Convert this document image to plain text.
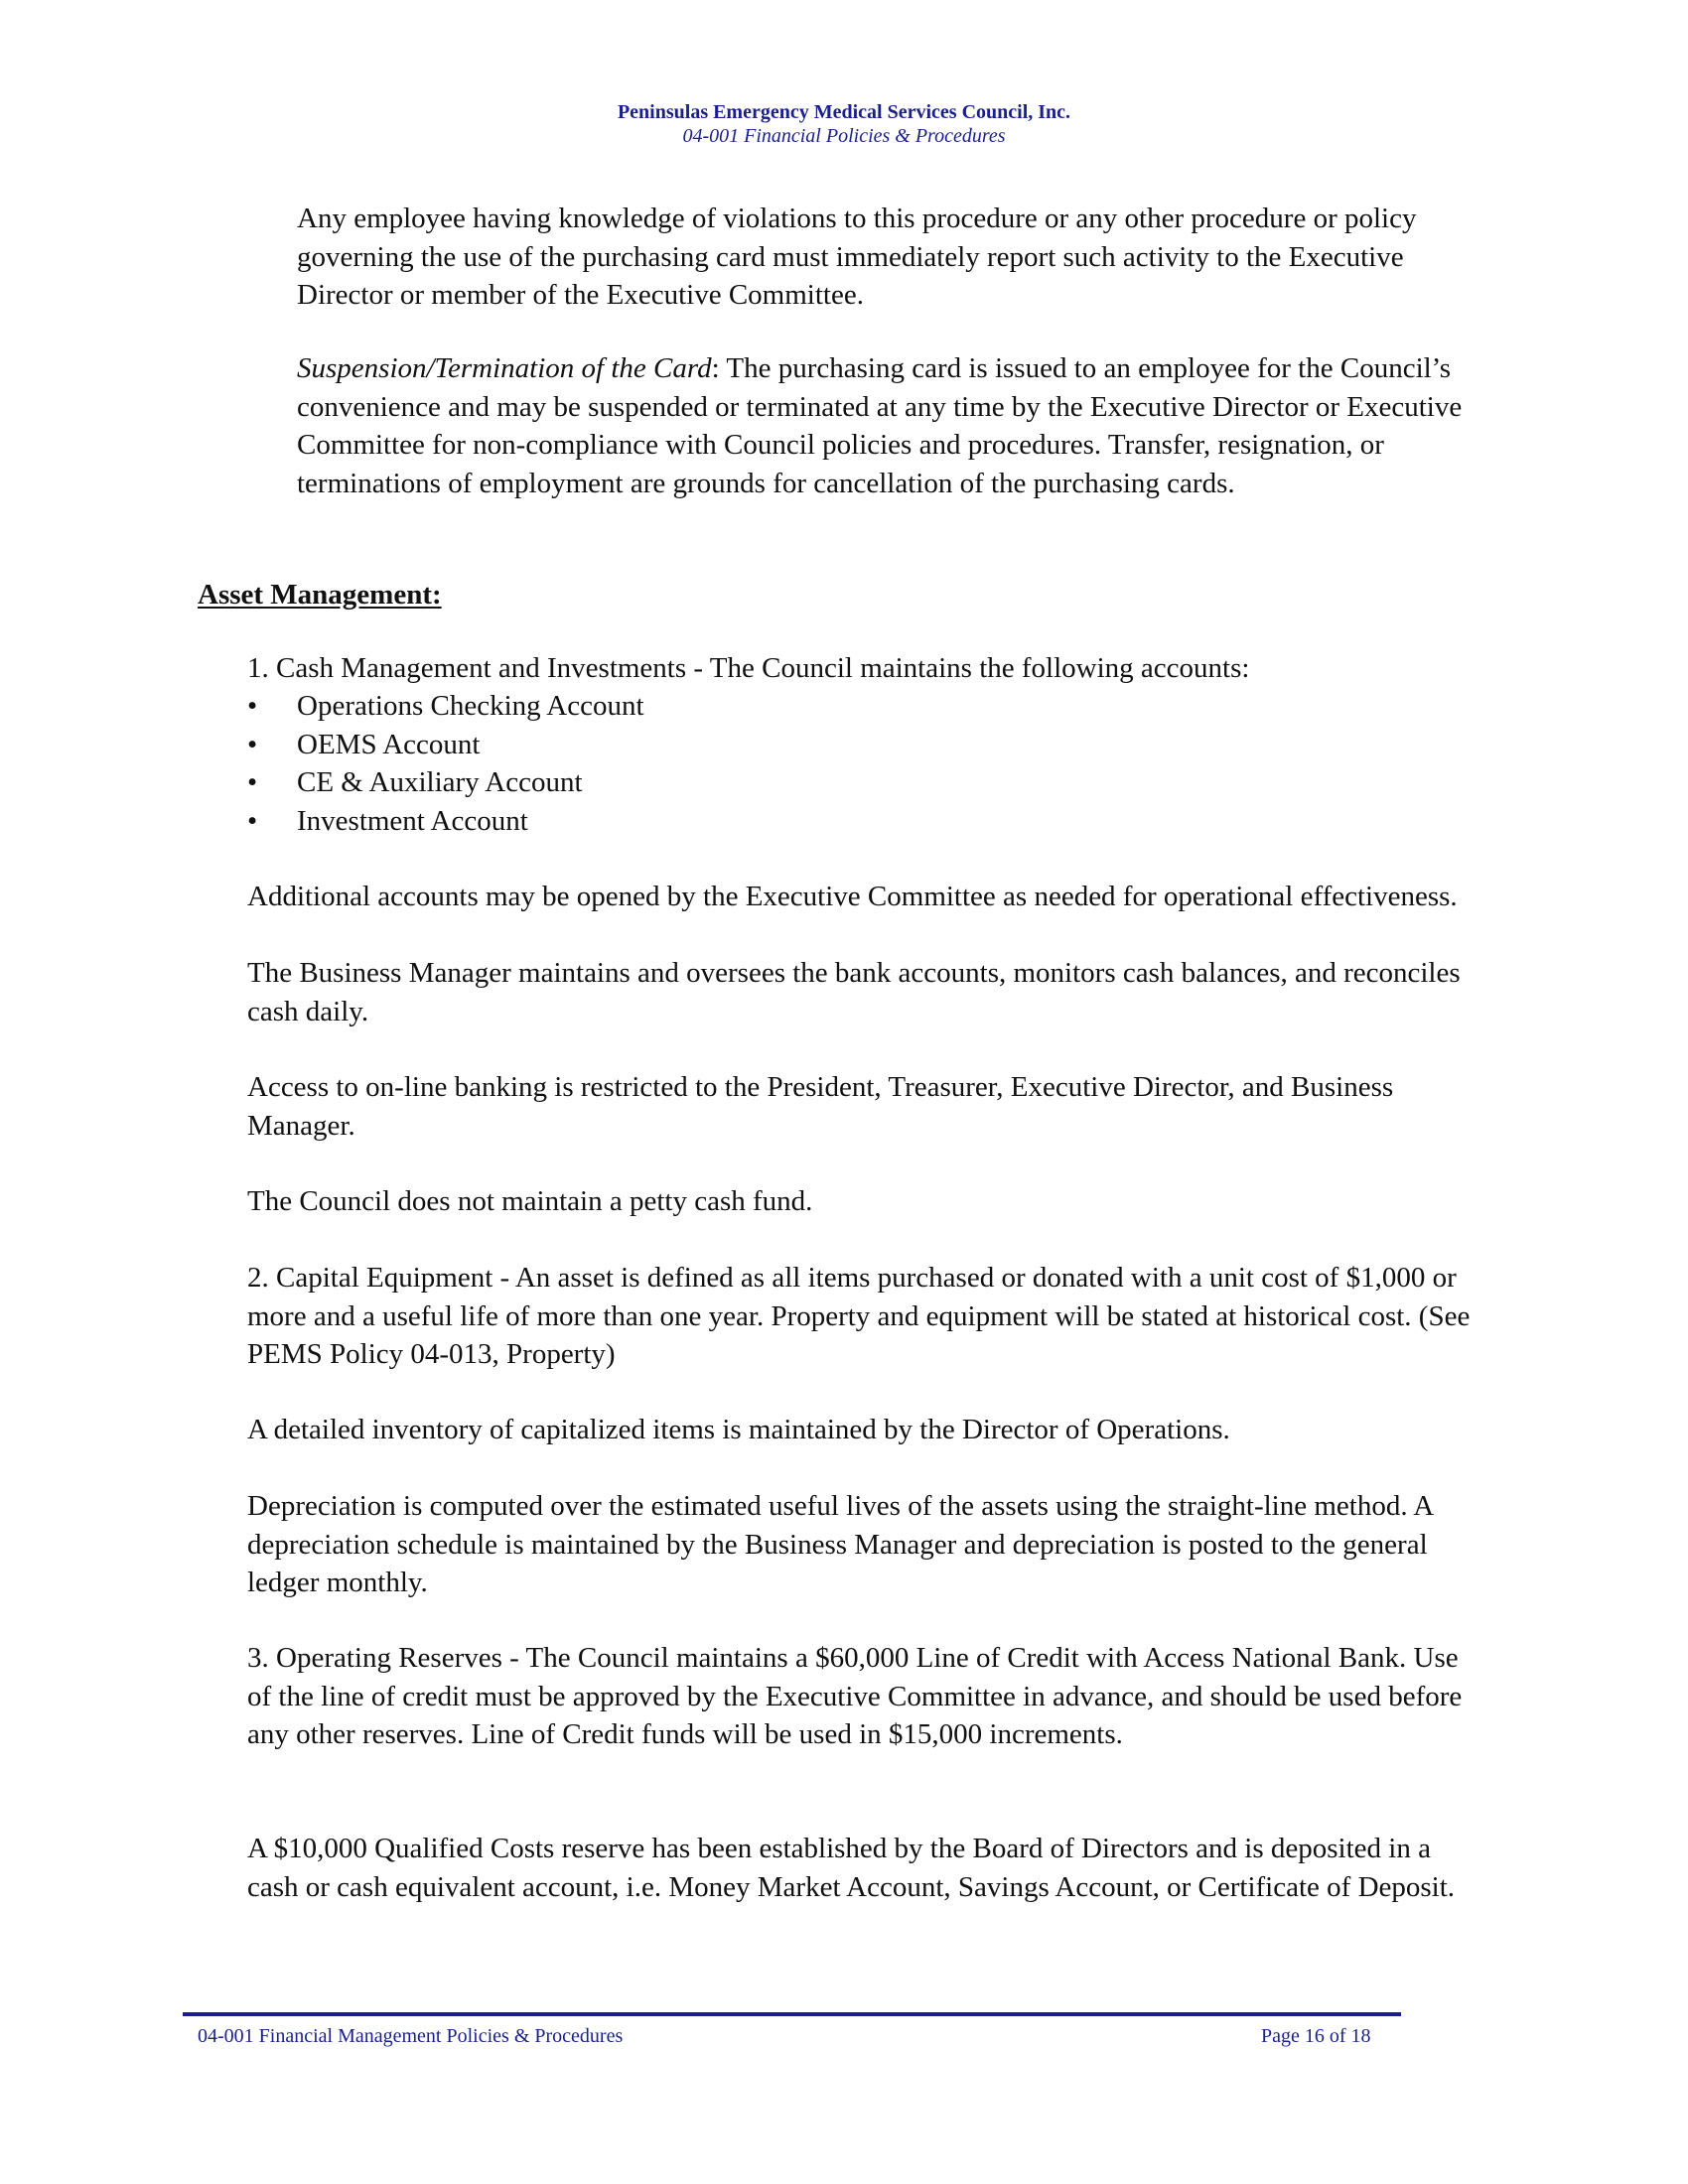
Peninsulas Emergency Medical Services Council, Inc.
04-001 Financial Policies & Procedures

Any employee having knowledge of violations to this procedure or any other procedure or policy governing the use of the purchasing card must immediately report such activity to the Executive Director or member of the Executive Committee.

Suspension/Termination of the Card: The purchasing card is issued to an employee for the Council’s convenience and may be suspended or terminated at any time by the Executive Director or Executive Committee for non-compliance with Council policies and procedures. Transfer, resignation, or terminations of employment are grounds for cancellation of the purchasing cards.

Asset Management:

1. Cash Management and Investments - The Council maintains the following accounts:

• Operations Checking Account
• OEMS Account
• CE & Auxiliary Account
• Investment Account

Additional accounts may be opened by the Executive Committee as needed for operational effectiveness.

The Business Manager maintains and oversees the bank accounts, monitors cash balances, and reconciles cash daily.

Access to on-line banking is restricted to the President, Treasurer, Executive Director, and Business Manager.

The Council does not maintain a petty cash fund.

2. Capital Equipment - An asset is defined as all items purchased or donated with a unit cost of $1,000 or more and a useful life of more than one year. Property and equipment will be stated at historical cost. (See PEMS Policy 04-013, Property)

A detailed inventory of capitalized items is maintained by the Director of Operations.

Depreciation is computed over the estimated useful lives of the assets using the straight-line method. A depreciation schedule is maintained by the Business Manager and depreciation is posted to the general ledger monthly.

3. Operating Reserves - The Council maintains a $60,000 Line of Credit with Access National Bank. Use of the line of credit must be approved by the Executive Committee in advance, and should be used before any other reserves. Line of Credit funds will be used in $15,000 increments.

A $10,000 Qualified Costs reserve has been established by the Board of Directors and is deposited in a cash or cash equivalent account, i.e. Money Market Account, Savings Account, or Certificate of Deposit.

04-001 Financial Management Policies & Procedures	Page 16 of 18
